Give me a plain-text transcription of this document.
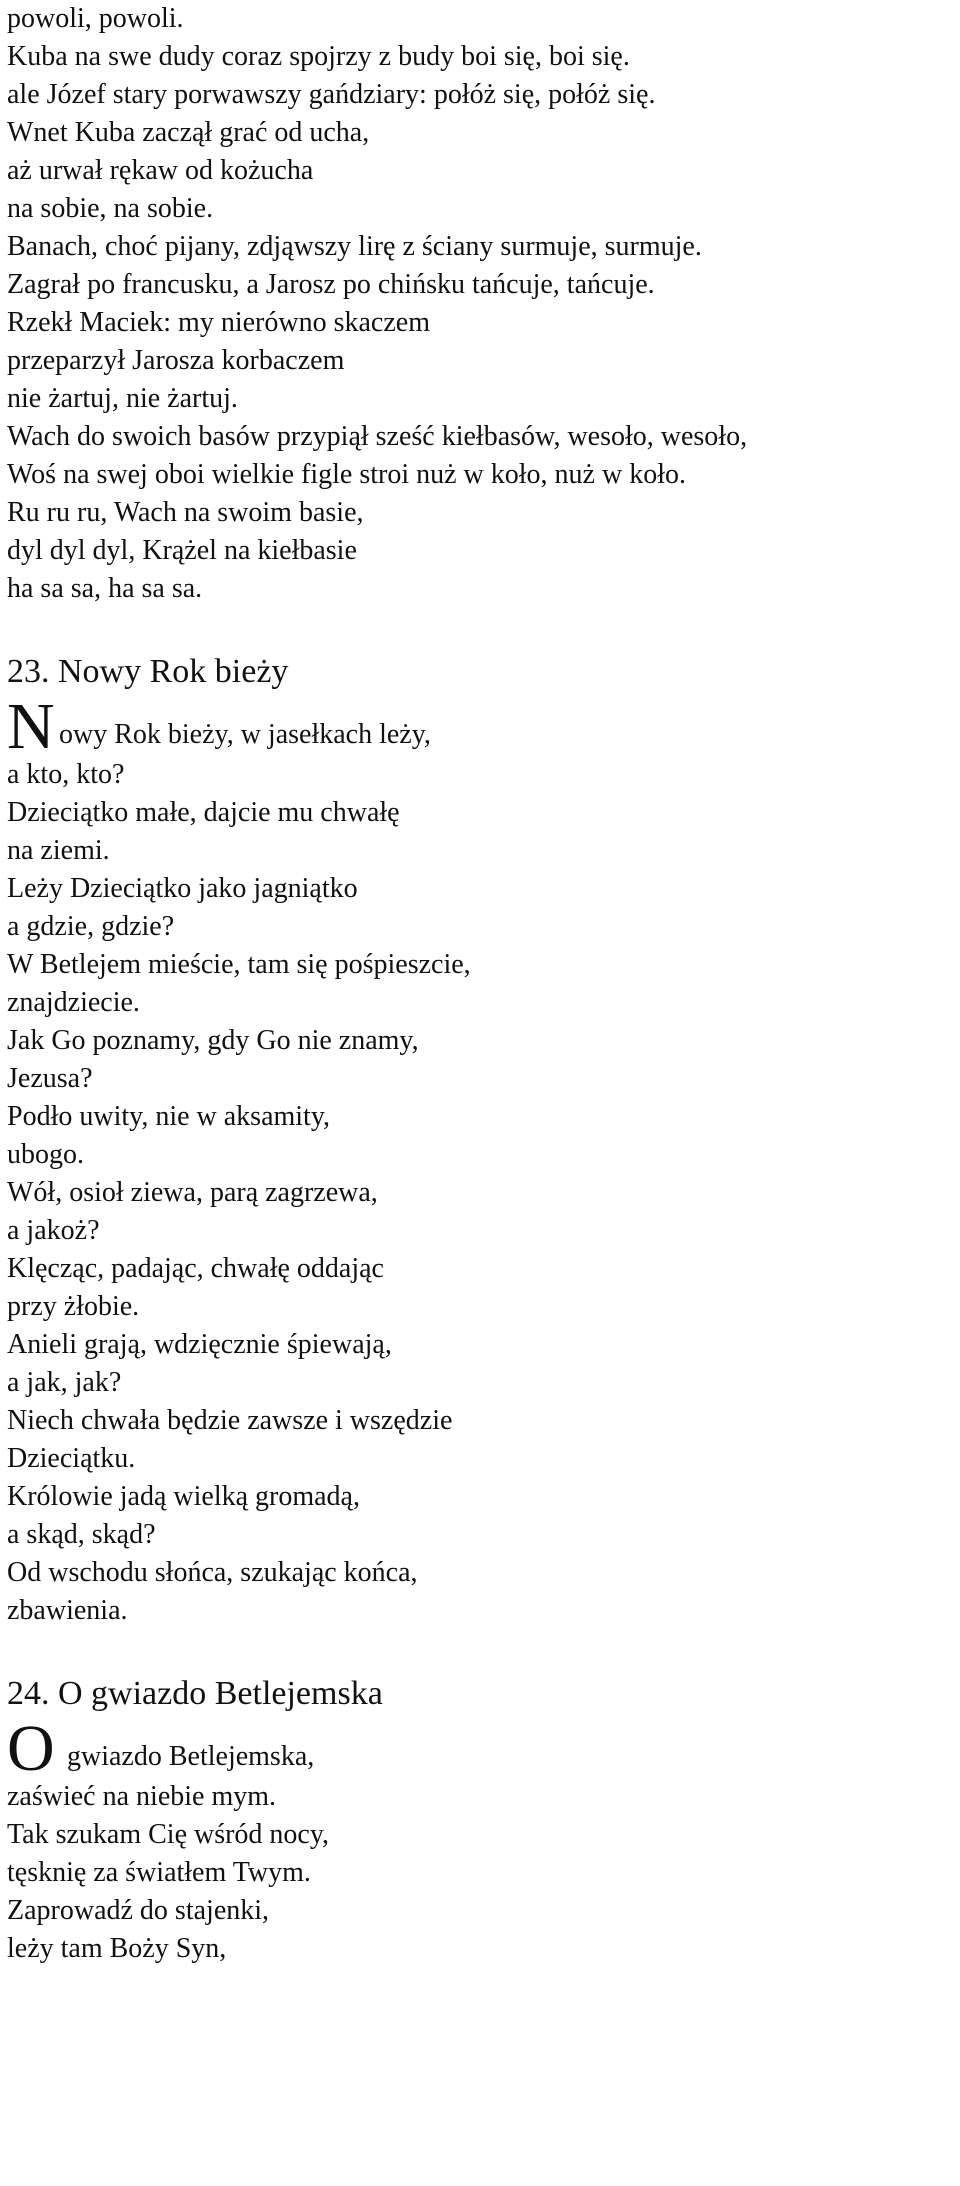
powoli, powoli.
Kuba na swe dudy coraz spojrzy z budy boi się, boi się.
ale Józef stary porwawszy gańdziary: połóż się, połóż się.
Wnet Kuba zaczął grać od ucha,
aż urwał rękaw od kożucha
na sobie, na sobie.
Banach, choć pijany, zdjąwszy lirę z ściany surmuje, surmuje.
Zagrał po francusku, a Jarosz po chińsku tańcuje, tańcuje.
Rzekł Maciek: my nierówno skaczem
przeparzył Jarosza korbaczem
nie żartuj, nie żartuj.
Wach do swoich basów przypiął sześć kiełbasów, wesoło, wesoło,
Woś na swej oboi wielkie figle stroi nuż w koło, nuż w koło.
Ru ru ru, Wach na swoim basie,
dyl dyl dyl, Krążel na kiełbasie
ha sa sa, ha sa sa.
23. Nowy Rok bieży
N owy Rok bieży, w jasełkach leży,
a kto, kto?
Dzieciątko małe, dajcie mu chwałę
na ziemi.
Leży Dzieciątko jako jagniątko
a gdzie, gdzie?
W Betlejem mieście, tam się pośpieszcie,
znajdziecie.
Jak Go poznamy, gdy Go nie znamy,
Jezusa?
Podło uwity, nie w aksamity,
ubogo.
Wół, osioł ziewa, parą zagrzewa,
a jakoż?
Klęcząc, padając, chwałę oddając
przy żłobie.
Anieli grają, wdzięcznie śpiewają,
a jak, jak?
Niech chwała będzie zawsze i wszędzie
Dzieciątku.
Królowie jadą wielką gromadą,
a skąd, skąd?
Od wschodu słońca, szukając końca,
zbawienia.
24. O gwiazdo Betlejemska
O gwiazdo Betlejemska,
zaświeć na niebie mym.
Tak szukam Cię wśród nocy,
tęsknię za światłem Twym.
Zaprowadź do stajenki,
leży tam Boży Syn,
